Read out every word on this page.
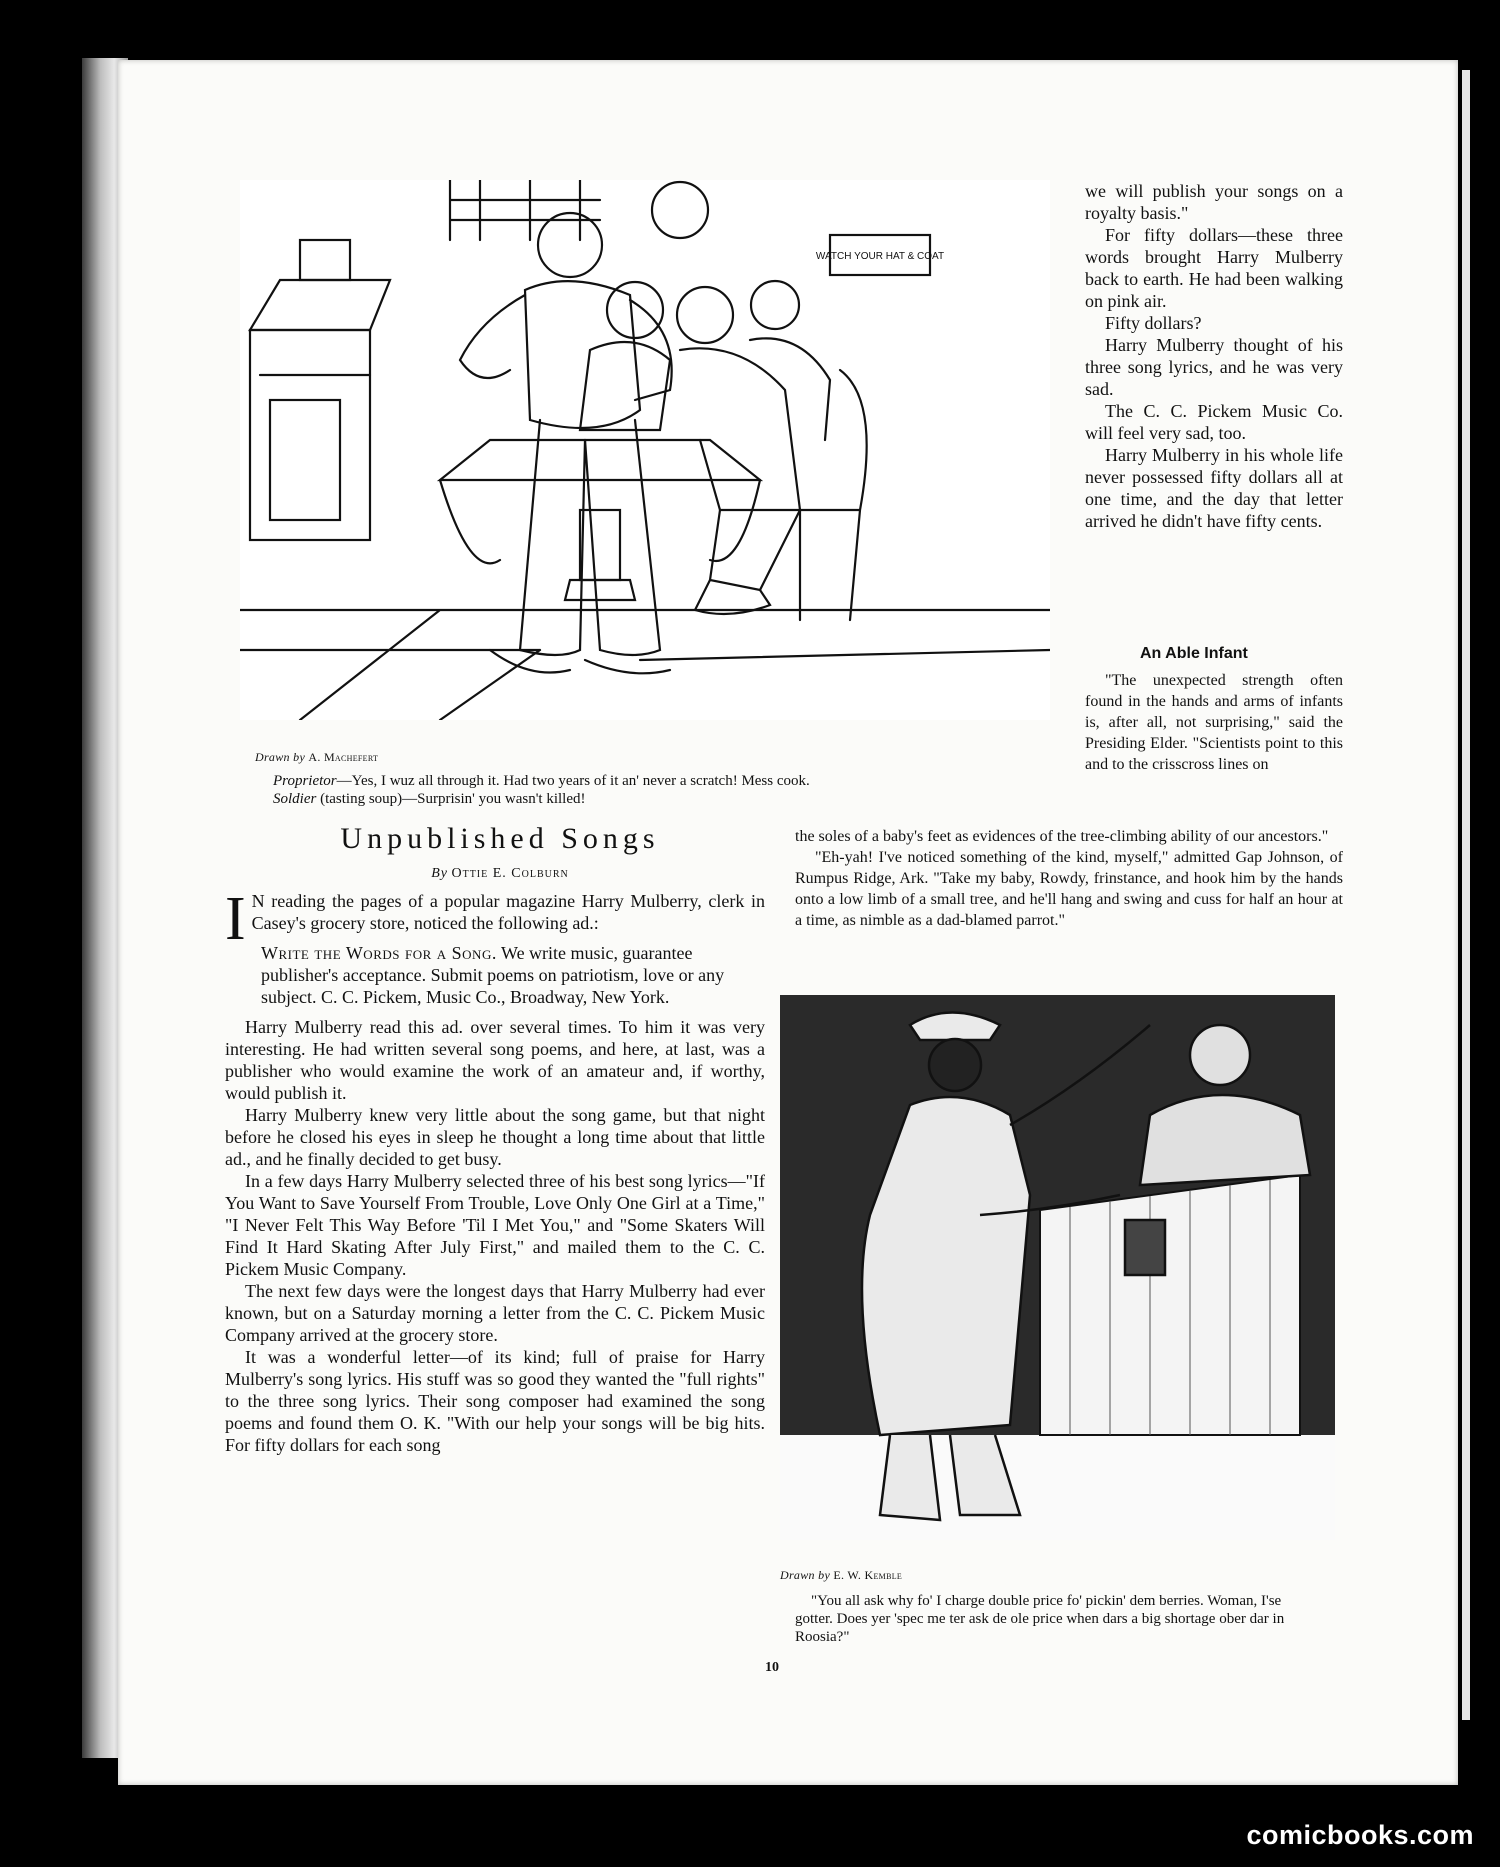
WATCH YOUR HAT & COAT
Drawn by A. Machefert
Proprietor—Yes, I wuz all through it. Had two years of it an' never a scratch! Mess cook.
Soldier (tasting soup)—Surprisin' you wasn't killed!
Unpublished Songs
By Ottie E. Colburn

I N reading the pages of a popular magazine Harry Mulberry, clerk in Casey's grocery store, noticed the following ad.:

Write the Words for a Song. We write music, guarantee publisher's acceptance. Submit poems on patriotism, love or any subject. C. C. Pickem, Music Co., Broadway, New York.

Harry Mulberry read this ad. over several times. To him it was very interesting. He had written several song poems, and here, at last, was a publisher who would examine the work of an amateur and, if worthy, would publish it.

Harry Mulberry knew very little about the song game, but that night before he closed his eyes in sleep he thought a long time about that little ad., and he finally decided to get busy.

In a few days Harry Mulberry selected three of his best song lyrics—"If You Want to Save Yourself From Trouble, Love Only One Girl at a Time," "I Never Felt This Way Before 'Til I Met You," and "Some Skaters Will Find It Hard Skating After July First," and mailed them to the C. C. Pickem Music Company.

The next few days were the longest days that Harry Mulberry had ever known, but on a Saturday morning a letter from the C. C. Pickem Music Company arrived at the grocery store.

It was a wonderful letter—of its kind; full of praise for Harry Mulberry's song lyrics. His stuff was so good they wanted the "full rights" to the three song lyrics. Their song composer had examined the song poems and found them O. K. "With our help your songs will be big hits. For fifty dollars for each song

we will publish your songs on a royalty basis."

For fifty dollars—these three words brought Harry Mulberry back to earth. He had been walking on pink air.

Fifty dollars?

Harry Mulberry thought of his three song lyrics, and he was very sad.

The C. C. Pickem Music Co. will feel very sad, too.

Harry Mulberry in his whole life never possessed fifty dollars all at one time, and the day that letter arrived he didn't have fifty cents.

An Able Infant

"The unexpected strength often found in the hands and arms of infants is, after all, not surprising," said the Presiding Elder. "Scientists point to this and to the crisscross lines on

the soles of a baby's feet as evidences of the tree-climbing ability of our ancestors."

"Eh-yah! I've noticed something of the kind, myself," admitted Gap Johnson, of Rumpus Ridge, Ark. "Take my baby, Rowdy, frinstance, and hook him by the hands onto a low limb of a small tree, and he'll hang and swing and cuss for half an hour at a time, as nimble as a dad-blamed parrot."

Drawn by E. W. Kemble
"You all ask why fo' I charge double price fo' pickin' dem berries. Woman, I'se gotter. Does yer 'spec me ter ask de ole price when dars a big shortage ober dar in Roosia?"
10
comicbooks.com
